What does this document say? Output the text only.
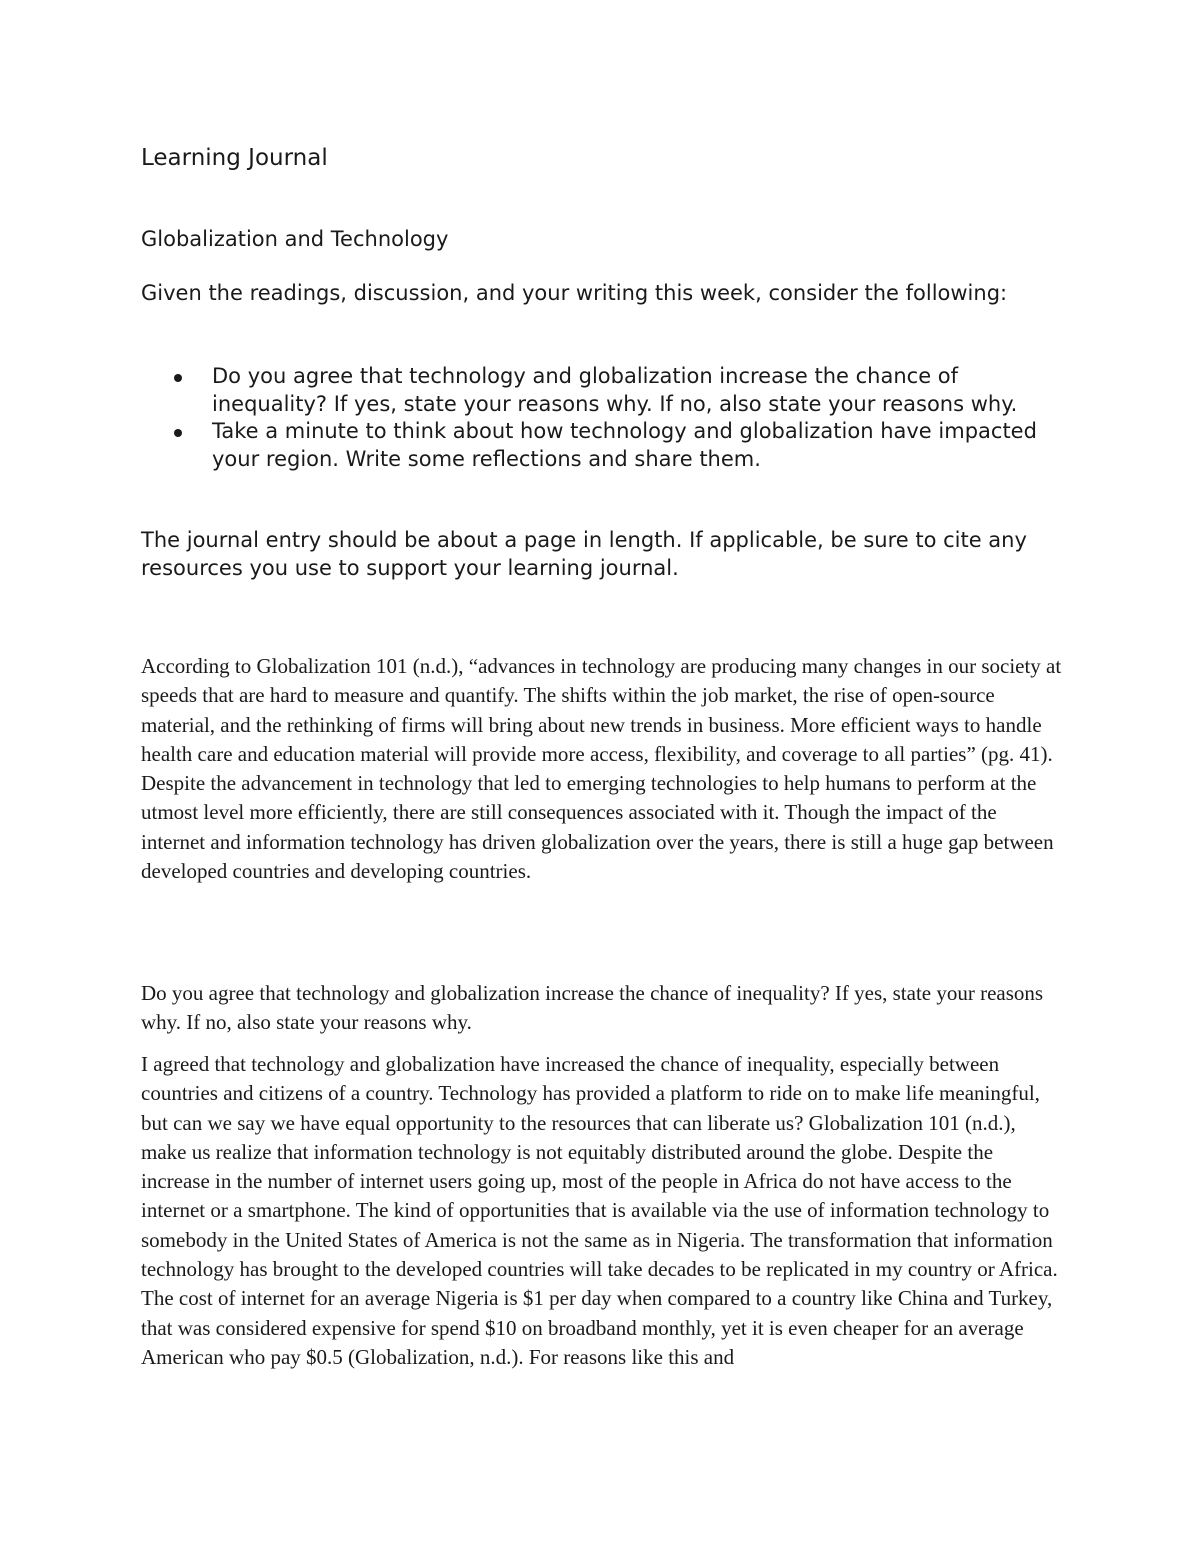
Learning Journal
Globalization and Technology

Given the readings, discussion, and your writing this week, consider the following:

Do you agree that technology and globalization increase the chance of inequality? If yes, state your reasons why. If no, also state your reasons why.
Take a minute to think about how technology and globalization have impacted your region. Write some reflections and share them.

The journal entry should be about a page in length. If applicable, be sure to cite any resources you use to support your learning journal.

According to Globalization 101 (n.d.), “advances in technology are producing many changes in our society at speeds that are hard to measure and quantify. The shifts within the job market, the rise of open-source material, and the rethinking of firms will bring about new trends in business. More efficient ways to handle health care and education material will provide more access, flexibility, and coverage to all parties” (pg. 41). Despite the advancement in technology that led to emerging technologies to help humans to perform at the utmost level more efficiently, there are still consequences associated with it. Though the impact of the internet and information technology has driven globalization over the years, there is still a huge gap between developed countries and developing countries.

Do you agree that technology and globalization increase the chance of inequality? If yes, state your reasons why. If no, also state your reasons why.

I agreed that technology and globalization have increased the chance of inequality, especially between countries and citizens of a country. Technology has provided a platform to ride on to make life meaningful, but can we say we have equal opportunity to the resources that can liberate us? Globalization 101 (n.d.), make us realize that information technology is not equitably distributed around the globe. Despite the increase in the number of internet users going up, most of the people in Africa do not have access to the internet or a smartphone. The kind of opportunities that is available via the use of information technology to somebody in the United States of America is not the same as in Nigeria. The transformation that information technology has brought to the developed countries will take decades to be replicated in my country or Africa. The cost of internet for an average Nigeria is $1 per day when compared to a country like China and Turkey, that was considered expensive for spend $10 on broadband monthly, yet it is even cheaper for an average American who pay $0.5 (Globalization, n.d.). For reasons like this and
